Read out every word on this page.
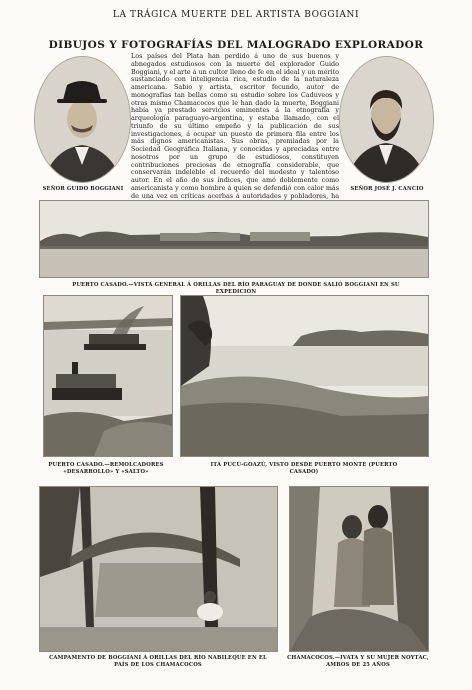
LA TRÁGICA MUERTE DEL ARTISTA BOGGIANI
DIBUJOS Y FOTOGRAFÍAS DEL MALOGRADO EXPLORADOR
SEÑOR GUIDO BOGGIANI
Los países del Plata han perdido á uno de sus buenos y abnegados estudiosos con la muerte del explorador Guido Boggiani, y el arte á un cultor lleno de fe en el ideal y un mérito sustanciado con inteligencia rica, estudio de la naturaleza americana. Sabio y artista, escritor fecundo, autor de monografías tan bellas como su estudio sobre los Caduveos y otras mismo Chamacocos que le han dado la muerte, Boggiani había ya prestado servicios eminentes á la etnografía y arqueología paraguayo-argentina, y estaba llamado, con el triunfo de su último empeño y la publicación de sus investigaciones, á ocupar un puesto de primera fila entre los más dignos americanistas. Sus obras, premiadas por la Sociedad Geográfica Italiana, y conocidas y apreciadas entre nosotros por un grupo de estudiosos, constituyen contribuciones preciosas de etnografía considerable, que conservarán indeleble el recuerdo del modesto y talentoso autor. En el año de sus índices, que amó doblemente como americanista y como hombre á quien se defendió con calor más de una vez en críticas acerbas á autoridades y pobladores, ha
SEÑOR JOSÉ J. CANCIO
PUERTO CASADO.—VISTA GENERAL Á ORILLAS DEL RÍO PARAGUAY DE DONDE SALIÓ BOGGIANI EN SU EXPEDICIÓN
PUERTO CASADO.—REMOLCADORES «DESARROLLO» Y «SALTO»
ITÁ PUCÚ-GOAZÚ, VISTO DESDE PUERTO MONTE (PUERTO CASADO)
CAMPAMENTO DE BOGGIANI Á ORILLAS DEL RÍO NABILEQUE EN EL PAÍS DE LOS CHAMACOCOS
CHAMACOCOS.—IVATA Y SU MUJER NOYTAC, AMBOS DE 25 AÑOS
